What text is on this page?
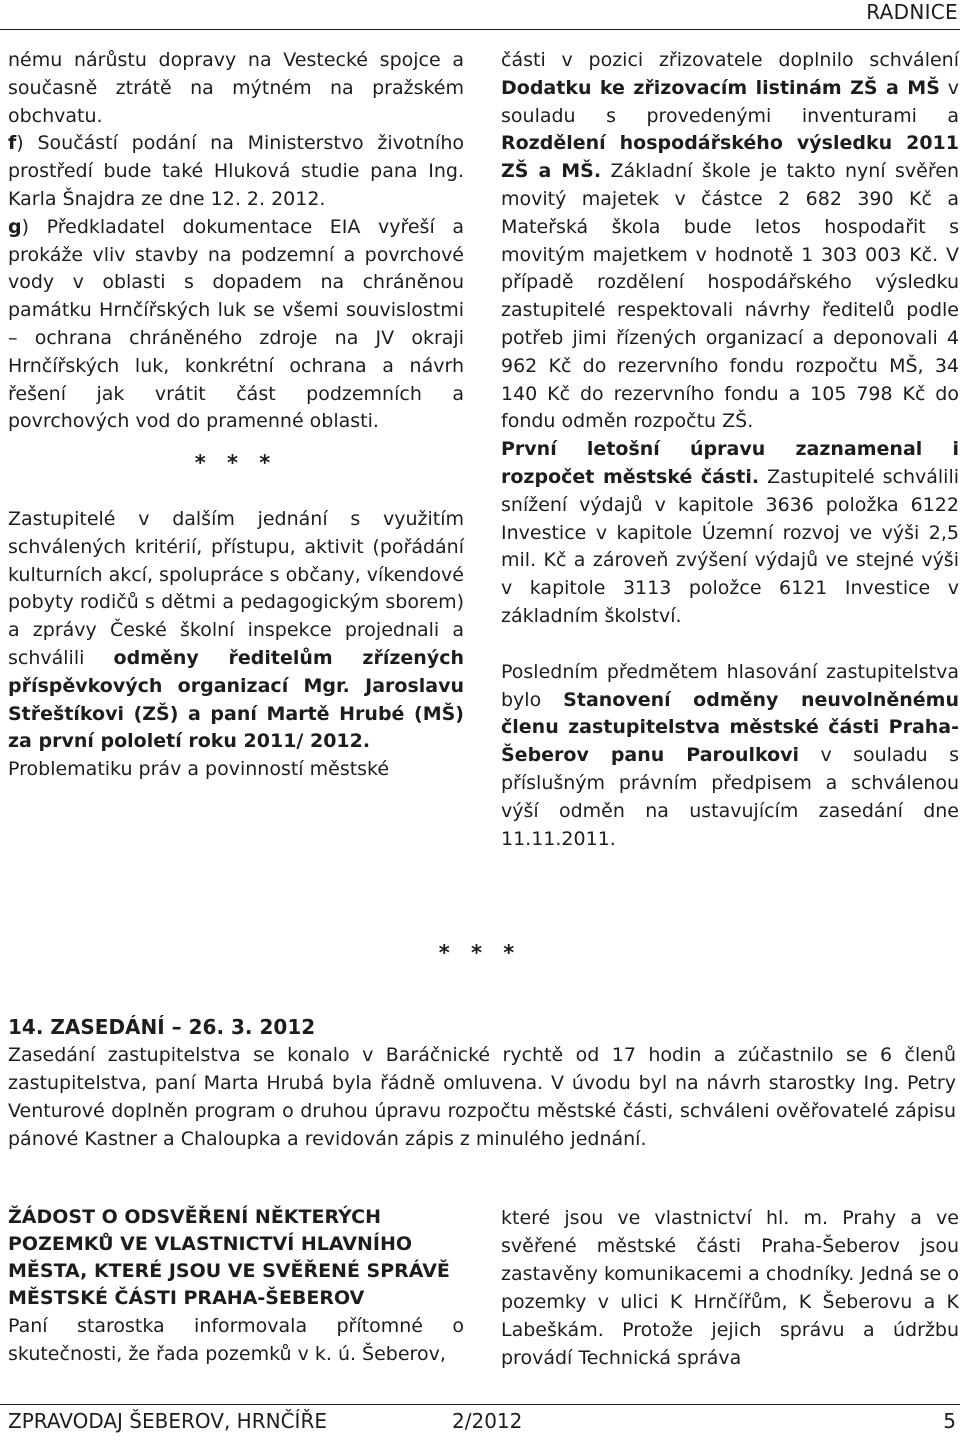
RADNICE

nému nárůstu dopravy na Vestecké spojce a současně ztrátě na mýtném na pražském obchvatu.

f) Součástí podání na Ministerstvo životního prostředí bude také Hluková studie pana Ing. Karla Šnajdra ze dne 12. 2. 2012.

g) Předkladatel dokumentace EIA vyřeší a prokáže vliv stavby na podzemní a povrchové vody v oblasti s dopadem na chráněnou památku Hrnčířských luk se všemi souvislostmi – ochrana chráněného zdroje na JV okraji Hrnčířských luk, konkrétní ochrana a návrh řešení jak vrátit část podzemních a povrchových vod do pramenné oblasti.

* * *

Zastupitelé v dalším jednání s využitím schválených kritérií, přístupu, aktivit (pořádání kulturních akcí, spolupráce s občany, víkendové pobyty rodičů s dětmi a pedagogickým sborem) a zprávy České školní inspekce projednali a schválili odměny ředitelům zřízených příspěvkových organizací Mgr. Jaroslavu Střeštíkovi (ZŠ) a paní Martě Hrubé (MŠ) za první pololetí roku 2011/ 2012.

Problematiku práv a povinností městské

části v pozici zřizovatele doplnilo schválení Dodatku ke zřizovacím listinám ZŠ a MŠ v souladu s provedenými inventurami a Rozdělení hospodářského výsledku 2011 ZŠ a MŠ. Základní škole je takto nyní svěřen movitý majetek v částce 2 682 390 Kč a Mateřská škola bude letos hospodařit s movitým majetkem v hodnotě 1 303 003 Kč. V případě rozdělení hospodářského výsledku zastupitelé respektovali návrhy ředitelů podle potřeb jimi řízených organizací a deponovali 4 962 Kč do rezervního fondu rozpočtu MŠ, 34 140 Kč do rezervního fondu a 105 798 Kč do fondu odměn rozpočtu ZŠ.

První letošní úpravu zaznamenal i rozpočet městské části. Zastupitelé schválili snížení výdajů v kapitole 3636 položka 6122 Investice v kapitole Územní rozvoj ve výši 2,5 mil. Kč a zároveň zvýšení výdajů ve stejné výši v kapitole 3113 položce 6121 Investice v základním školství.

Posledním předmětem hlasování zastupitelstva bylo Stanovení odměny neuvolněnému členu zastupitelstva městské části Praha-Šeberov panu Paroulkovi v souladu s příslušným právním předpisem a schválenou výší odměn na ustavujícím zasedání dne 11.11.2011.

* * *
14. ZASEDÁNÍ – 26. 3. 2012

Zasedání zastupitelstva se konalo v Baráčnické rychtě od 17 hodin a zúčastnilo se 6 členů zastupitelstva, paní Marta Hrubá byla řádně omluvena. V úvodu byl na návrh starostky Ing. Petry Venturové doplněn program o druhou úpravu rozpočtu městské části, schváleni ověřovatelé zápisu pánové Kastner a Chaloupka a revidován zápis z minulého jednání.

ŽÁDOST O ODSVĚŘENÍ NĚKTERÝCH POZEMKŮ VE VLASTNICTVÍ HLAVNÍHO MĚSTA, KTERÉ JSOU VE SVĚŘENÉ SPRÁVĚ MĚSTSKÉ ČÁSTI PRAHA-ŠEBEROV

Paní starostka informovala přítomné o skutečnosti, že řada pozemků v k. ú. Šeberov,

které jsou ve vlastnictví hl. m. Prahy a ve svěřené městské části Praha-Šeberov jsou zastavěny komunikacemi a chodníky. Jedná se o pozemky v ulici K Hrnčířům, K Šeberovu a K Labeškám. Protože jejich správu a údržbu provádí Technická správa

ZPRAVODAJ ŠEBEROV, HRNČÍŘE	2/2012	5
